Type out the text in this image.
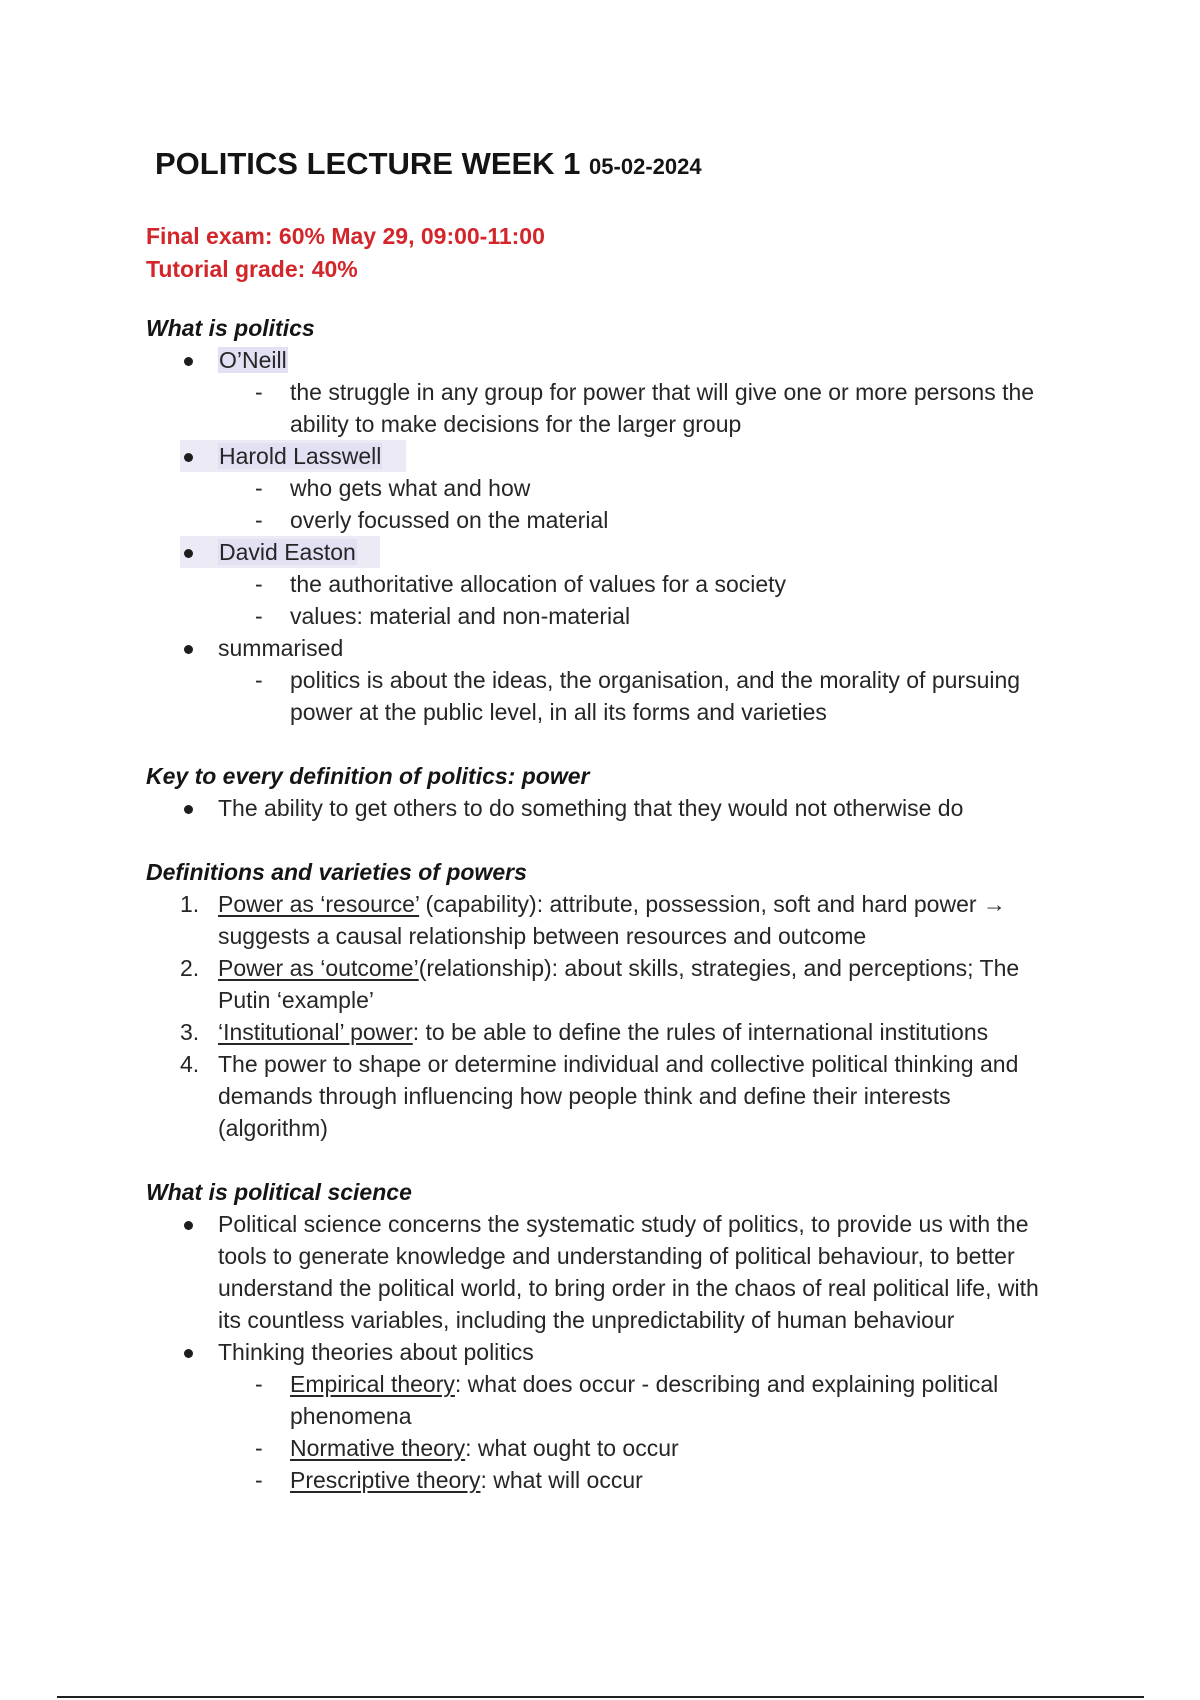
POLITICS LECTURE WEEK 1 05-02-2024
Final exam: 60% May 29, 09:00-11:00
Tutorial grade: 40%
What is politics
O’Neill
- the struggle in any group for power that will give one or more persons the ability to make decisions for the larger group
Harold Lasswell
- who gets what and how
- overly focussed on the material
David Easton
- the authoritative allocation of values for a society
- values: material and non-material
summarised
- politics is about the ideas, the organisation, and the morality of pursuing power at the public level, in all its forms and varieties
Key to every definition of politics: power
The ability to get others to do something that they would not otherwise do
Definitions and varieties of powers
1. Power as ‘resource’ (capability): attribute, possession, soft and hard power → suggests a causal relationship between resources and outcome
2. Power as ‘outcome’(relationship): about skills, strategies, and perceptions; The Putin ‘example’
3. ‘Institutional’ power: to be able to define the rules of international institutions
4. The power to shape or determine individual and collective political thinking and demands through influencing how people think and define their interests (algorithm)
What is political science
Political science concerns the systematic study of politics, to provide us with the tools to generate knowledge and understanding of political behaviour, to better understand the political world, to bring order in the chaos of real political life, with its countless variables, including the unpredictability of human behaviour
Thinking theories about politics
- Empirical theory: what does occur - describing and explaining political phenomena
- Normative theory: what ought to occur
- Prescriptive theory: what will occur
